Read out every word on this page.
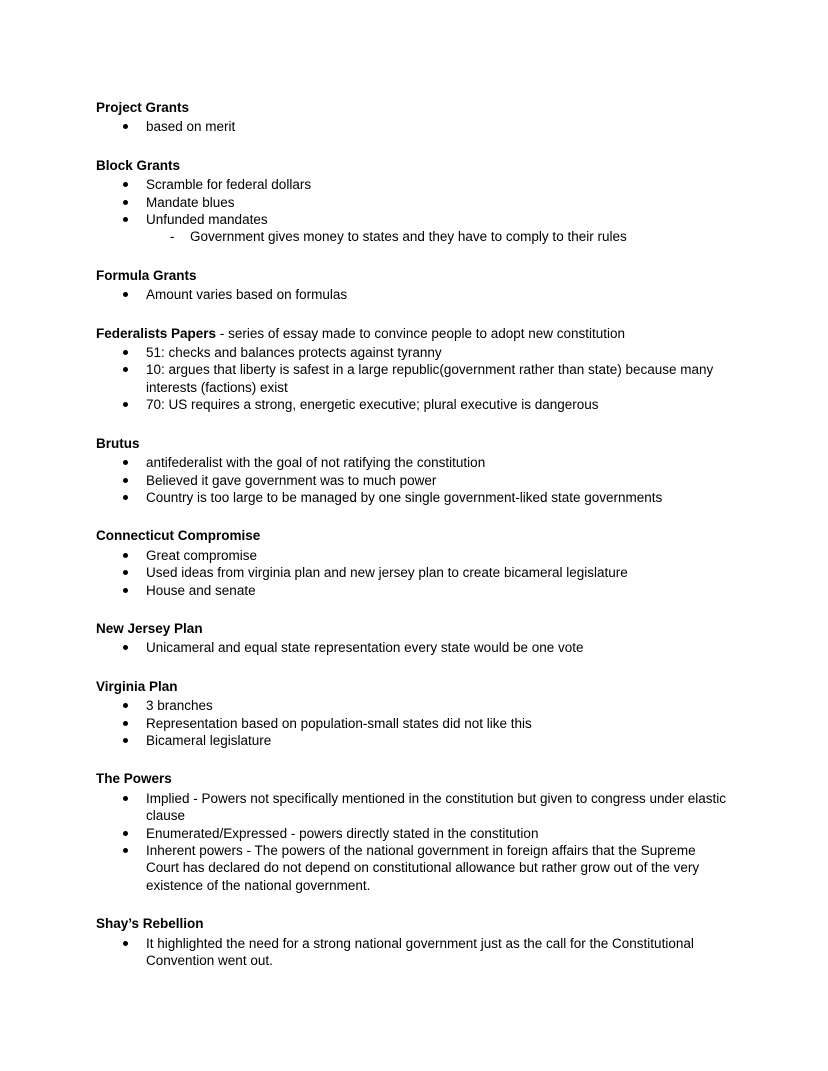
Project Grants
based on merit
Block Grants
Scramble for federal dollars
Mandate blues
Unfunded mandates
-	Government gives money to states and they have to comply to their rules
Formula Grants
Amount varies based on formulas
Federalists Papers - series of essay made to convince people to adopt new constitution
51: checks and balances protects against tyranny
10: argues that liberty is safest in a large republic(government rather than state) because many interests (factions) exist
70: US requires a strong, energetic executive; plural executive is dangerous
Brutus
antifederalist with the goal of not ratifying the constitution
Believed it gave government was to much power
Country is too large to be managed by one single government-liked state governments
Connecticut Compromise
Great compromise
Used ideas from virginia plan and new jersey plan to create bicameral legislature
House and senate
New Jersey Plan
Unicameral and equal state representation every state would be one vote
Virginia Plan
3 branches
Representation based on population-small states did not like this
Bicameral legislature
The Powers
Implied - Powers not specifically mentioned in the constitution but given to congress under elastic clause
Enumerated/Expressed - powers directly stated in the constitution
Inherent powers - The powers of the national government in foreign affairs that the Supreme Court has declared do not depend on constitutional allowance but rather grow out of the very existence of the national government.
Shay’s Rebellion
It highlighted the need for a strong national government just as the call for the Constitutional Convention went out.
